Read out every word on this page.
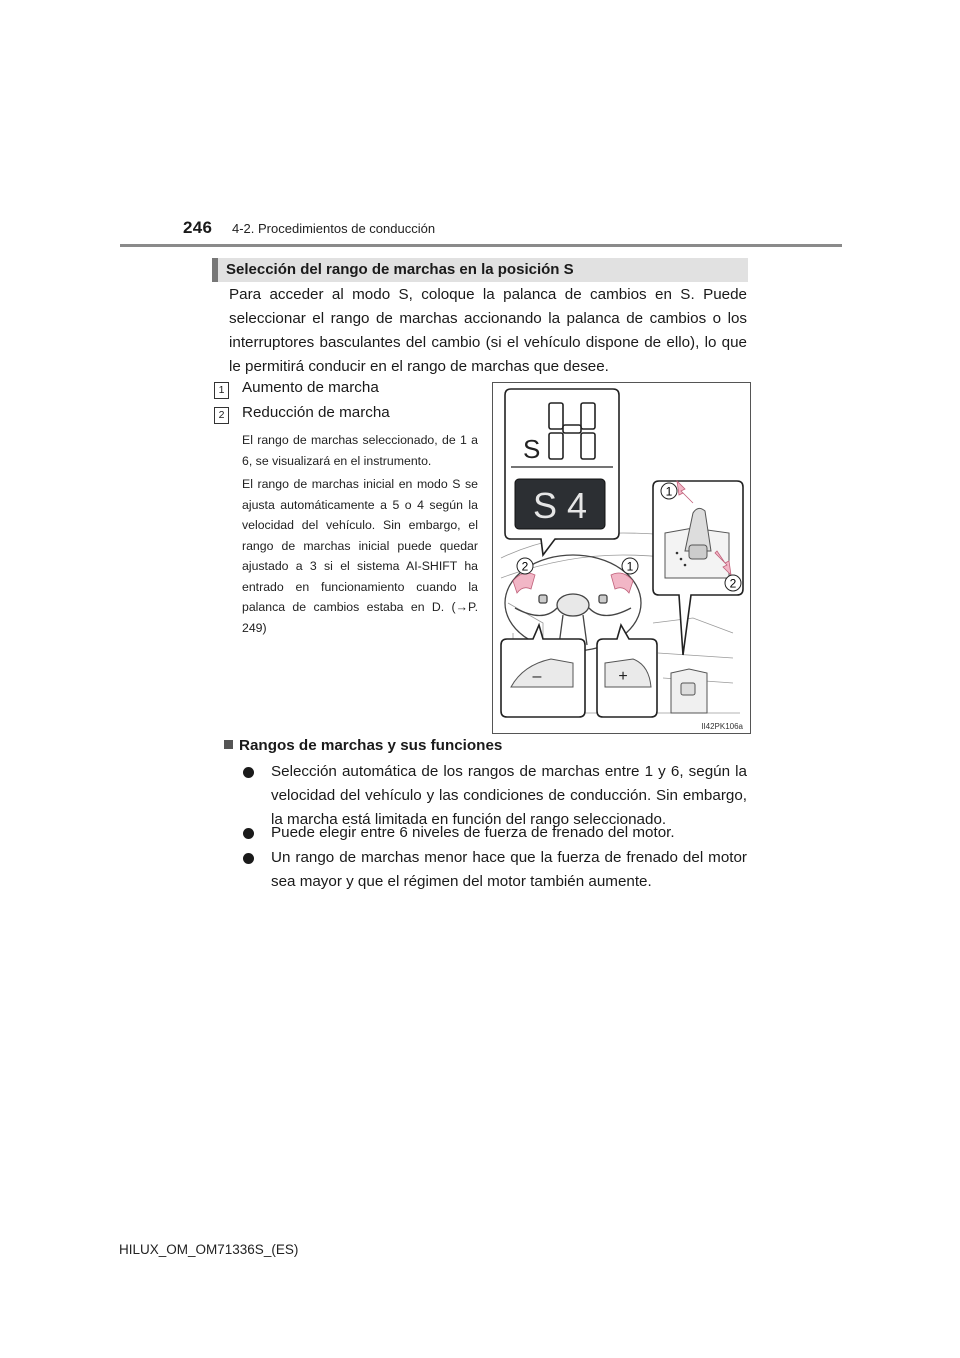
246 4-2. Procedimientos de conducción
Selección del rango de marchas en la posición S
Para acceder al modo S, coloque la palanca de cambios en S. Puede seleccionar el rango de marchas accionando la palanca de cambios o los interruptores basculantes del cambio (si el vehículo dispone de ello), lo que le permitirá conducir en el rango de marchas que desee.
1	Aumento de marcha
2	Reducción de marcha
El rango de marchas seleccionado, de 1 a 6, se visualizará en el instrumento.
El rango de marchas inicial en modo S se ajusta automáticamente a 5 o 4 según la velocidad del vehículo. Sin embargo, el rango de marchas inicial puede quedar ajustado a 3 si el sistema AI-SHIFT ha entrado en funcionamiento cuando la palanca de cambios estaba en D. (→P. 249)
2	1
S
S 4	1
2
–	+
II42PK106a
Rangos de marchas y sus funciones
Selección automática de los rangos de marchas entre 1 y 6, según la velocidad del vehículo y las condiciones de conducción. Sin embargo, la marcha está limitada en función del rango seleccionado.
Puede elegir entre 6 niveles de fuerza de frenado del motor.
Un rango de marchas menor hace que la fuerza de frenado del motor sea mayor y que el régimen del motor también aumente.
HILUX_OM_OM71336S_(ES)
